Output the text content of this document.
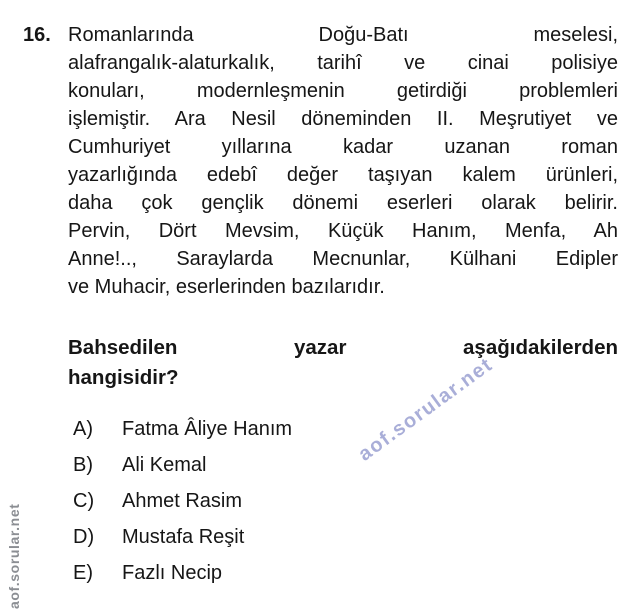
16. Romanlarında Doğu-Batı meselesi,
alafrangalık-alaturkalık, tarihî ve cinai polisiye
konuları, modernleşmenin getirdiği problemleri
işlemiştir. Ara Nesil döneminden II. Meşrutiyet ve
Cumhuriyet yıllarına kadar uzanan roman
yazarlığında edebî değer taşıyan kalem ürünleri,
daha çok gençlik dönemi eserleri olarak belirir.
Pervin, Dört Mevsim, Küçük Hanım, Menfa, Ah
Anne!.., Saraylarda Mecnunlar, Külhani Edipler
ve Muhacir, eserlerinden bazılarıdır.
Bahsedilen yazar aşağıdakilerden
hangisidir?
A)	Fatma Âliye Hanım
B)	Ali Kemal
C)	Ahmet Rasim
D)	Mustafa Reşit
E)	Fazlı Necip
aof.sorular.net
aof.sorular.net
